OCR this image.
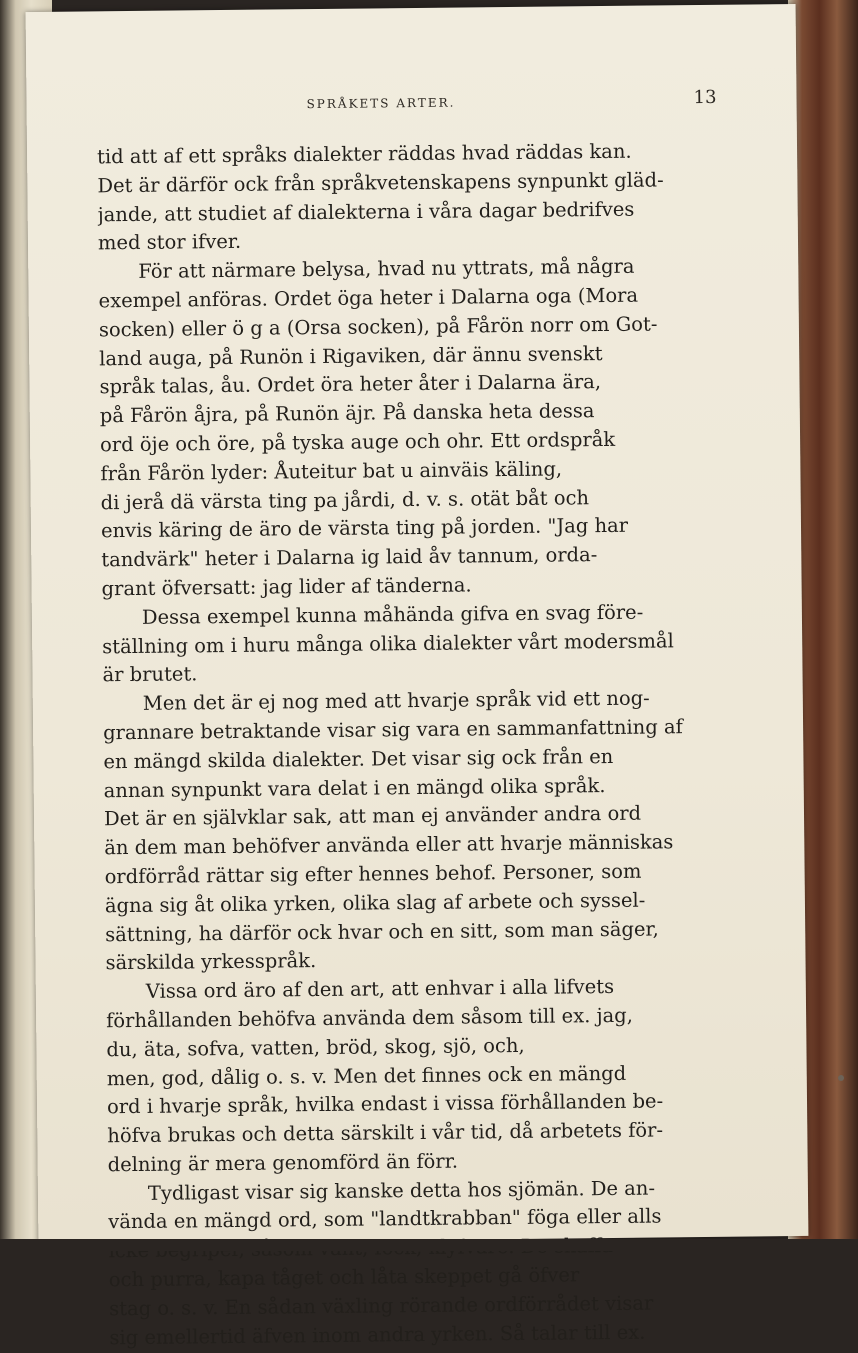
SPRÅKETS ARTER.	13
tid att af ett språks dialekter räddas hvad räddas kan.
Det är därför ock från språkvetenskapens synpunkt gläd-
jande, att studiet af dialekterna i våra dagar bedrifves
med stor ifver.
För att närmare belysa, hvad nu yttrats, må några
exempel anföras. Ordet öga heter i Dalarna oga (Mora
socken) eller ö g a (Orsa socken), på Fårön norr om Got-
land auga, på Runön i Rigaviken, där ännu svenskt
språk talas, åu. Ordet öra heter åter i Dalarna ära,
på Fårön åjra, på Runön äjr. På danska heta dessa
ord öje och öre, på tyska auge och ohr. Ett ordspråk
från Fårön lyder: Åuteitur bat u ainväis käling,
di jerå dä värsta ting pa jårdi, d. v. s. otät båt och
envis käring de äro de värsta ting på jorden. "Jag har
tandvärk" heter i Dalarna ig laid åv tannum, orda-
grant öfversatt: jag lider af tänderna.
Dessa exempel kunna måhända gifva en svag före-
ställning om i huru många olika dialekter vårt modersmål
är brutet.
Men det är ej nog med att hvarje språk vid ett nog-
grannare betraktande visar sig vara en sammanfattning af
en mängd skilda dialekter. Det visar sig ock från en
annan synpunkt vara delat i en mängd olika språk.
Det är en självklar sak, att man ej använder andra ord
än dem man behöfver använda eller att hvarje människas
ordförråd rättar sig efter hennes behof. Personer, som
ägna sig åt olika yrken, olika slag af arbete och syssel-
sättning, ha därför ock hvar och en sitt, som man säger,
särskilda yrkesspråk.
Vissa ord äro af den art, att enhvar i alla lifvets
förhållanden behöfva använda dem såsom till ex. jag,
du, äta, sofva, vatten, bröd, skog, sjö, och,
men, god, dålig o. s. v. Men det finnes ock en mängd
ord i hvarje språk, hvilka endast i vissa förhållanden be-
höfva brukas och detta särskilt i vår tid, då arbetets för-
delning är mera genomförd än förr.
Tydligast visar sig kanske detta hos sjömän. De an-
vända en mängd ord, som "landtkrabban" föga eller alls
och purra, kapa tåget och låta skeppet gå öfver
stag o. s. v. En sådan växling rörande ordförrådet visar
sig emellertid äfven inom andra yrken. Så talar till ex.
